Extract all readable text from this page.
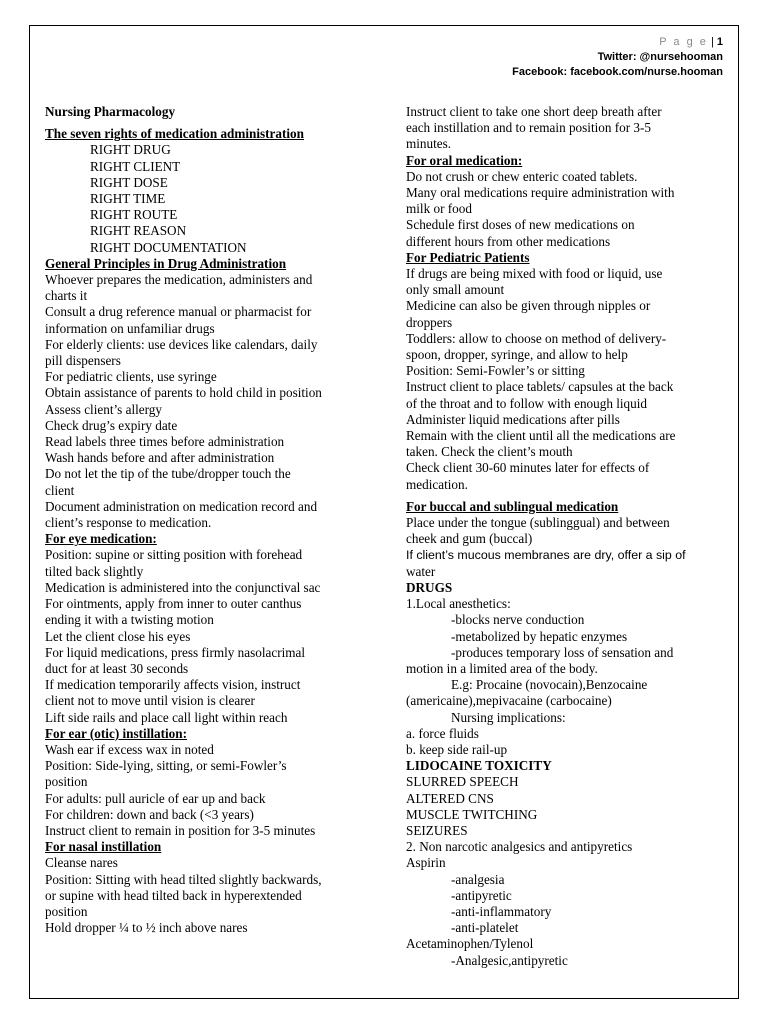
P a g e | 1
Twitter: @nursehooman
Facebook: facebook.com/nurse.hooman

Nursing Pharmacology

The seven rights of medication administration

RIGHT DRUG

RIGHT CLIENT

RIGHT DOSE

RIGHT TIME

RIGHT ROUTE

RIGHT REASON

RIGHT DOCUMENTATION

General Principles in Drug Administration

Whoever prepares the medication, administers and

charts it

Consult a drug reference manual or pharmacist for

information on unfamiliar drugs

For elderly clients: use devices like calendars, daily

pill dispensers

For pediatric clients, use syringe

Obtain assistance of parents to hold child in position

Assess client’s allergy

Check drug’s expiry date

Read labels three times before administration

Wash hands before and after administration

Do not let the tip of the tube/dropper touch the

client

Document administration on medication record and

client’s response to medication.

For eye medication:

Position: supine or sitting position with forehead

tilted back slightly

Medication is administered into the conjunctival sac

For ointments, apply from inner to outer canthus

ending it with a twisting motion

Let the client close his eyes

For liquid medications, press firmly nasolacrimal

duct for at least 30 seconds

If medication temporarily affects vision, instruct

client not to move until vision is clearer

Lift side rails and place call light within reach

For ear (otic) instillation:

Wash ear if excess wax in noted

Position: Side-lying, sitting, or semi-Fowler’s

position

For adults: pull auricle of ear up and back

For children: down and back (<3 years)

Instruct client to remain in position for 3-5 minutes

For nasal instillation

Cleanse nares

Position: Sitting with head tilted slightly backwards,

or supine with head tilted back in hyperextended

position

Hold dropper ¼ to ½ inch above nares

Instruct client to take one short deep breath after

each instillation and to remain position for 3-5

minutes.

For oral medication:

Do not crush or chew enteric coated tablets.

Many oral medications require administration with

milk or food

Schedule first doses of new medications on

different hours from other medications

For Pediatric Patients

If drugs are being mixed with food or liquid, use

only small amount

Medicine can also be given through nipples or

droppers

Toddlers: allow to choose on method of delivery-

spoon, dropper, syringe, and allow to help

Position: Semi-Fowler’s or sitting

Instruct client to place tablets/ capsules at the back

of the throat and to follow with enough liquid

Administer liquid medications after pills

Remain with the client until all the medications are

taken. Check the client’s mouth

Check client 30-60 minutes later for effects of

medication.

For buccal and sublingual medication

Place under the tongue (sublinggual) and between

cheek and gum (buccal)

If client’s mucous membranes are dry, offer a sip of

water

DRUGS

1.Local anesthetics:

-blocks nerve conduction

-metabolized by hepatic enzymes

-produces temporary loss of sensation and

motion in a limited area of the body.

E.g: Procaine (novocain),Benzocaine

(americaine),mepivacaine (carbocaine)

Nursing implications:

a. force fluids

b. keep side rail-up

LIDOCAINE TOXICITY

SLURRED SPEECH

ALTERED CNS

MUSCLE TWITCHING

SEIZURES

2. Non narcotic analgesics and antipyretics

Aspirin

-analgesia

-antipyretic

-anti-inflammatory

-anti-platelet

Acetaminophen/Tylenol

-Analgesic,antipyretic
